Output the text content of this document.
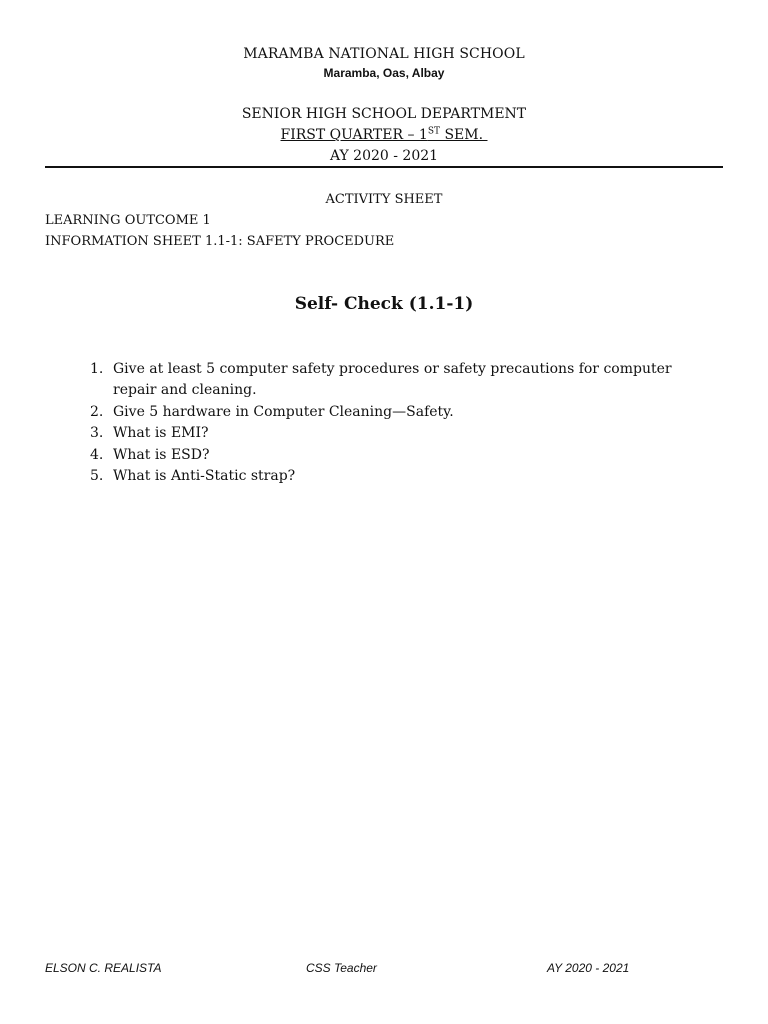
MARAMBA NATIONAL HIGH SCHOOL
Maramba, Oas, Albay
SENIOR HIGH SCHOOL DEPARTMENT
FIRST QUARTER – 1ST SEM.
AY 2020 - 2021
ACTIVITY SHEET
LEARNING OUTCOME 1
INFORMATION SHEET 1.1-1: SAFETY PROCEDURE
Self- Check (1.1-1)
1. Give at least 5 computer safety procedures or safety precautions for computer repair and cleaning.
2. Give 5 hardware in Computer Cleaning—Safety.
3. What is EMI?
4. What is ESD?
5. What is Anti-Static strap?
ELSON C. REALISTA	CSS Teacher	AY 2020 - 2021
